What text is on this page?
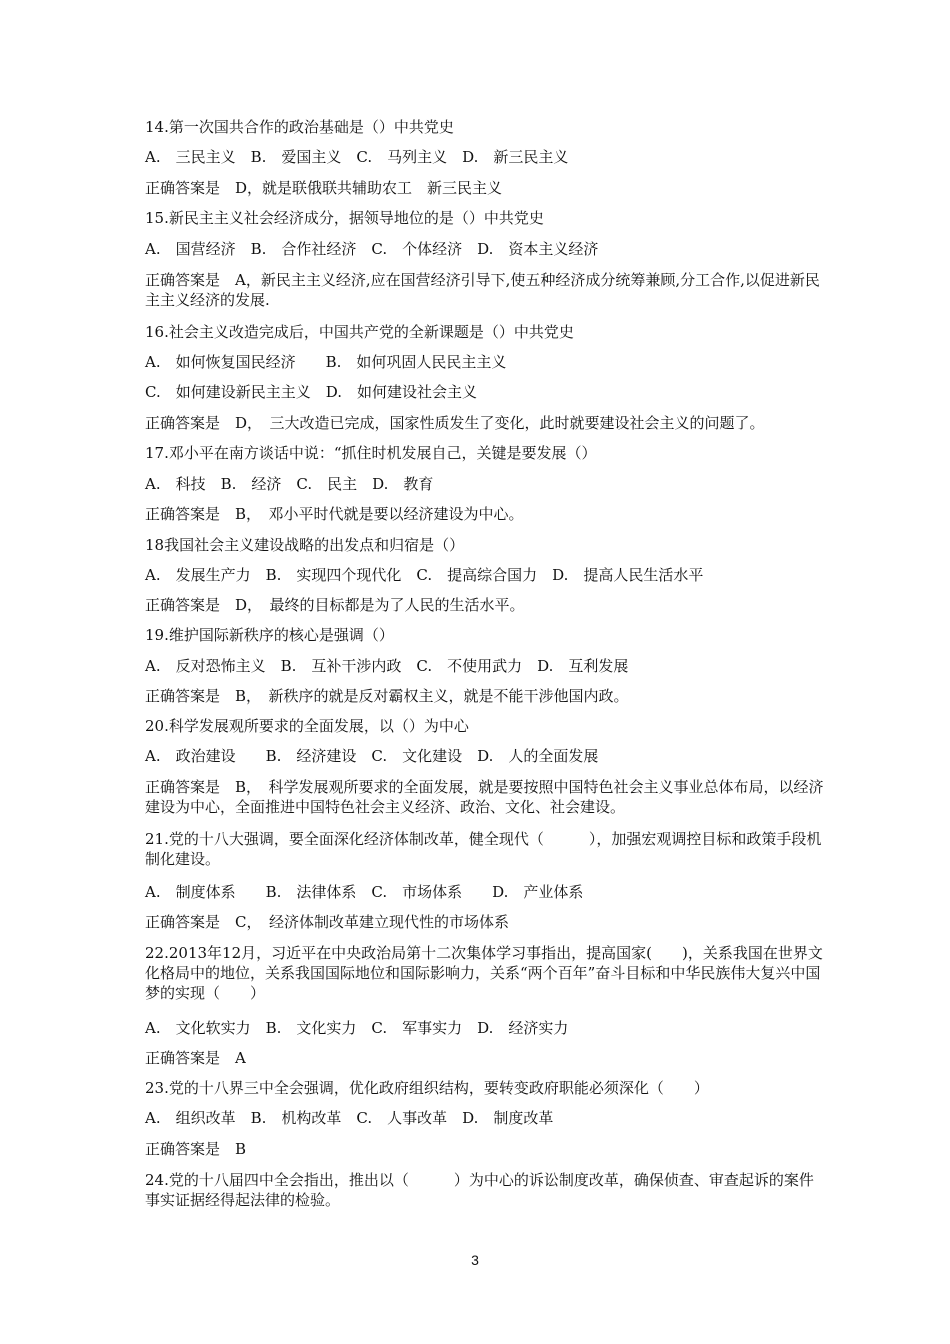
14.第一次国共合作的政治基础是（）中共党史
A.　三民主义　B.　爱国主义　C.　马列主义　D.　新三民主义
正确答案是　D，就是联俄联共辅助农工　新三民主义
15.新民主主义社会经济成分，据领导地位的是（）中共党史
A.　国营经济　B.　合作社经济　C.　个体经济　D.　资本主义经济
正确答案是　A，新民主主义经济,应在国营经济引导下,使五种经济成分统筹兼顾,分工合作,以促进新民主主义经济的发展.
16.社会主义改造完成后，中国共产党的全新课题是（）中共党史
A.　如何恢复国民经济　　B.　如何巩固人民民主主义
C.　如何建设新民主主义　D.　如何建设社会主义
正确答案是　D，　三大改造已完成，国家性质发生了变化，此时就要建设社会主义的问题了。
17.邓小平在南方谈话中说：“抓住时机发展自己，关键是要发展（）
A.　科技　B.　经济　C.　民主　D.　教育
正确答案是　B，　邓小平时代就是要以经济建设为中心。
18我国社会主义建设战略的出发点和归宿是（）
A.　发展生产力　B.　实现四个现代化　C.　提高综合国力　D.　提高人民生活水平
正确答案是　D，　最终的目标都是为了人民的生活水平。
19.维护国际新秩序的核心是强调（）
A.　反对恐怖主义　B.　互补干涉内政　C.　不使用武力　D.　互利发展
正确答案是　B，　新秩序的就是反对霸权主义，就是不能干涉他国内政。
20.科学发展观所要求的全面发展，以（）为中心
A.　政治建设　　B.　经济建设　C.　文化建设　D.　人的全面发展
正确答案是　B，　科学发展观所要求的全面发展，就是要按照中国特色社会主义事业总体布局，以经济建设为中心，全面推进中国特色社会主义经济、政治、文化、社会建设。
21.党的十八大强调，要全面深化经济体制改革，健全现代（　　　），加强宏观调控目标和政策手段机制化建设。
A.　制度体系　　B.　法律体系　C.　市场体系　　D.　产业体系
正确答案是　C，　经济体制改革建立现代性的市场体系
22.2013年12月，习近平在中央政治局第十二次集体学习事指出，提高国家(　　)，关系我国在世界文化格局中的地位，关系我国国际地位和国际影响力，关系“两个百年”奋斗目标和中华民族伟大复兴中国梦的实现（　　）
A.　文化软实力　B.　文化实力　C.　军事实力　D.　经济实力
正确答案是　A
23.党的十八界三中全会强调，优化政府组织结构，要转变政府职能必须深化（　　）
A.　组织改革　B.　机构改革　C.　人事改革　D.　制度改革
正确答案是　B
24.党的十八届四中全会指出，推出以（　　　）为中心的诉讼制度改革，确保侦查、审查起诉的案件事实证据经得起法律的检验。
3
